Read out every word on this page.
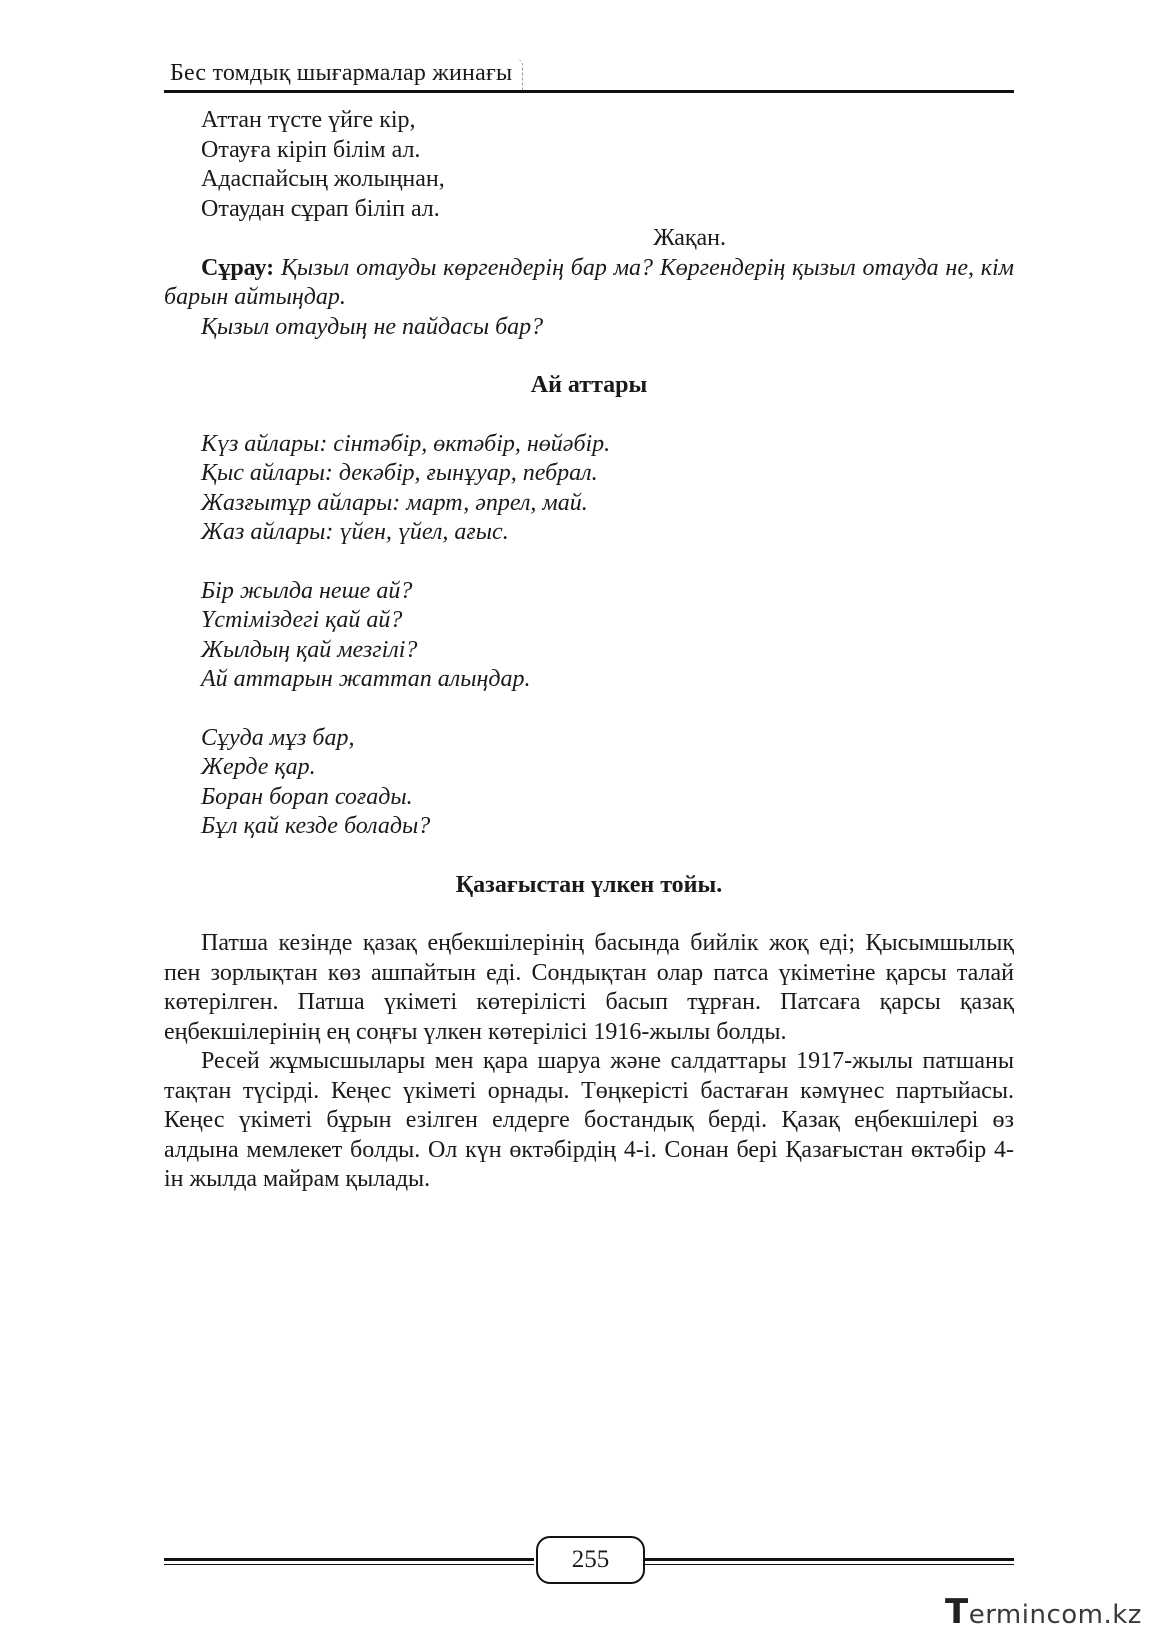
Бес томдық шығармалар жинағы
Аттан түсте үйге кір,
Отауға кіріп білім ал.
Адаспайсың жолыңнан,
Отаудан сұрап біліп ал.
Жақан.
Сұрау: Қызыл отауды көргендерің бар ма? Көргендерің қызыл отауда не, кім барын айтыңдар.
Қызыл отаудың не пайдасы бар?
Ай аттары
Күз айлары: сінтәбір, өктәбір, нөйәбір.
Қыс айлары: декәбір, ғынұуар, пебрал.
Жазғытұр айлары: март, әпрел, май.
Жаз айлары: үйен, үйел, ағыс.
Бір жылда неше ай?
Үстіміздегі қай ай?
Жылдың қай мезгілі?
Ай аттарын жаттап алыңдар.
Сұуда мұз бар,
Жерде қар.
Боран борап соғады.
Бұл қай кезде болады?
Қазағыстан үлкен тойы.

Патша кезінде қазақ еңбекшілерінің басында бийлік жоқ еді; Қысымшылық пен зорлықтан көз ашпайтын еді. Сондықтан олар патса үкіметіне қарсы талай көтерілген. Патша үкіметі көтерілісті басып тұрған. Патсаға қарсы қазақ еңбекшілерінің ең соңғы үлкен көтерілісі 1916-жылы болды.

Ресей жұмысшылары мен қара шаруа және салдаттары 1917-жылы патшаны тақтан түсірді. Кеңес үкіметі орнады. Төңкерісті бастаған кәмүнес партыйасы. Кеңес үкіметі бұрын езілген елдерге бостандық берді. Қазақ еңбекшілері өз алдына мемлекет болды. Ол күн өктәбірдің 4-і. Сонан бері Қазағыстан өктәбір 4-ін жылда майрам қылады.

255
Termincom.kz
